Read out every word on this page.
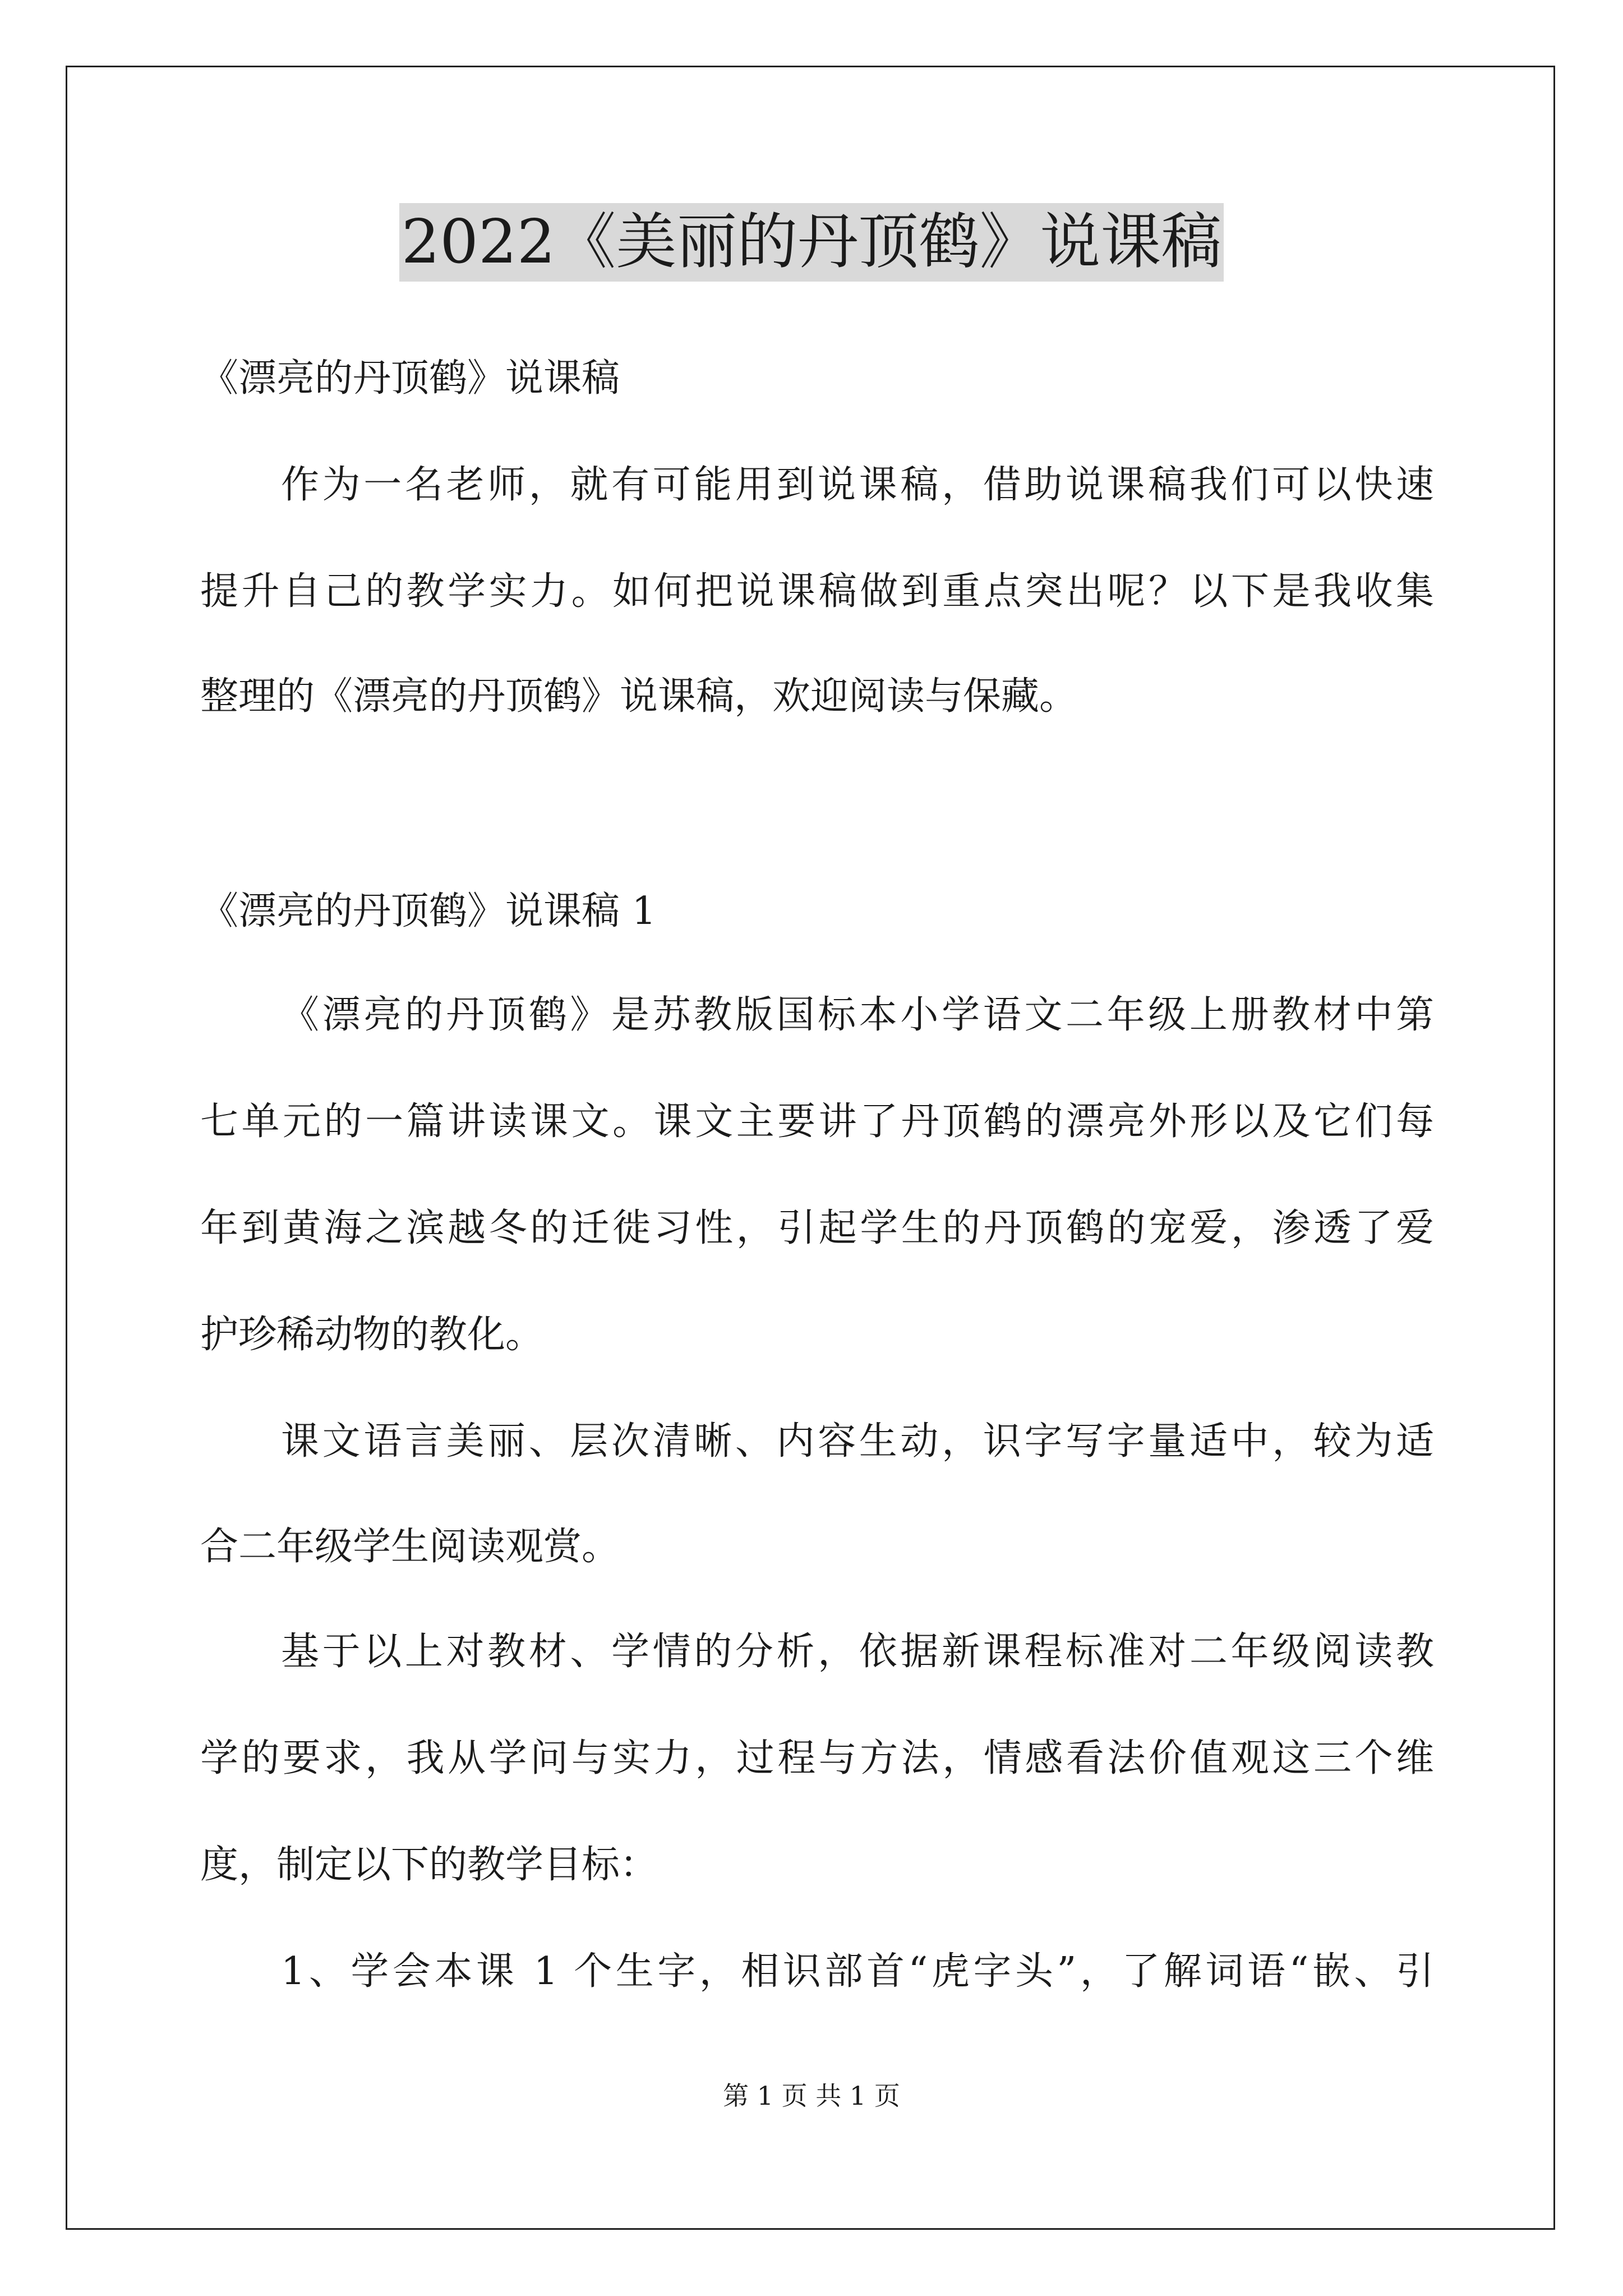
2022《美丽的丹顶鹤》说课稿
《漂亮的丹顶鹤》说课稿
作为一名老师，就有可能用到说课稿，借助说课稿我们可以快速
提升自己的教学实力。如何把说课稿做到重点突出呢？以下是我收集
整理的《漂亮的丹顶鹤》说课稿，欢迎阅读与保藏。
《漂亮的丹顶鹤》说课稿 1
《漂亮的丹顶鹤》是苏教版国标本小学语文二年级上册教材中第
七单元的一篇讲读课文。课文主要讲了丹顶鹤的漂亮外形以及它们每
年到黄海之滨越冬的迁徙习性，引起学生的丹顶鹤的宠爱，渗透了爱
护珍稀动物的教化。
课文语言美丽、层次清晰、内容生动，识字写字量适中，较为适
合二年级学生阅读观赏。
基于以上对教材、学情的分析，依据新课程标准对二年级阅读教
学的要求，我从学问与实力，过程与方法，情感看法价值观这三个维
度，制定以下的教学目标：
1、学会本课 1 个生字，相识部首“虎字头”，了解词语“嵌、引
第 1 页 共 1 页
